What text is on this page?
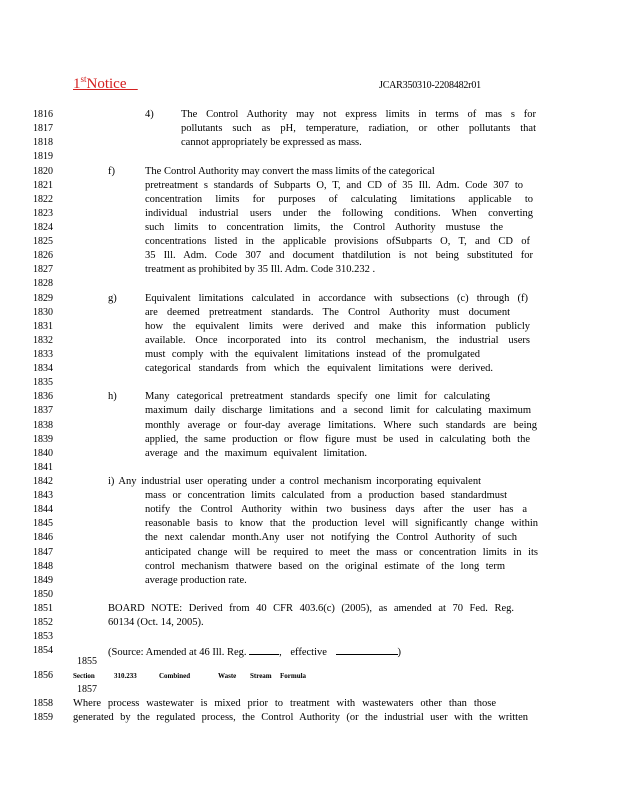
1stNotice	JCAR350310-2208482r01
1816
1817
1818
1819
1820
1821
1822
1823
1824
1825
1826
1827
1828
1829
1830
1831
1832
1833
1834
1835
1836
1837
1838
1839
1840
1841
1842
1843
1844
1845
1846
1847
1848
1849
1850
1851
1852
1853
1854
1855
1856
1857
1858
1859
4)	The Control Authority may not express limits in terms of mas s for
pollutants such as pH, temperature, radiation, or other pollutants that
cannot appropriately be expressed as mass.
f)	The Control Authority may convert the mass limits of the categorical
pretreatment s standards of Subparts O, T, and CD of 35 Ill. Adm. Code 307 to
concentration limits for purposes of calculating limitations applicable to
individual industrial users under the following conditions. When converting
such limits to concentration limits, the Control Authority mustuse the
concentrations listed in the applicable provisions ofSubparts O, T, and CD of
35 Ill. Adm. Code 307 and document thatdilution is not being substituted for
treatment as prohibited by 35 Ill. Adm. Code 310.232 .
g)	Equivalent limitations calculated in accordance with subsections (c) through (f)
are deemed pretreatment standards. The Control Authority must document
how the equivalent limits were derived and make this information publicly
available. Once incorporated into its control mechanism, the industrial users
must comply with the equivalent limitations instead of the promulgated
categorical standards from which the equivalent limitations were derived.
h)	Many categorical pretreatment standards specify one limit for calculating
maximum daily discharge limitations and a second limit for calculating maximum
monthly average or four-day average limitations. Where such standards are being
applied, the same production or flow figure must be used in calculating both the
average and the maximum equivalent limitation.
i) Any industrial user operating under a control mechanism incorporating equivalent
mass or concentration limits calculated from a production based standardmust
notify the Control Authority within two business days after the user has a
reasonable basis to know that the production level will significantly change within
the next calendar month.Any user not notifying the Control Authority of such
anticipated change will be required to meet the mass or concentration limits in its
control mechanism thatwere based on the original estimate of the long term
average production rate.
BOARD NOTE: Derived from 40 CFR 403.6(c) (2005), as amended at 70 Fed. Reg.
60134 (Oct. 14, 2005).
(Source: Amended at 46 Ill. Reg.	, effective	)
Section	310.233	Combined	Waste Stream Formula
Where process wastewater is mixed prior to treatment with wastewaters other than those
generated by the regulated process, the Control Authority (or the industrial user with the written
